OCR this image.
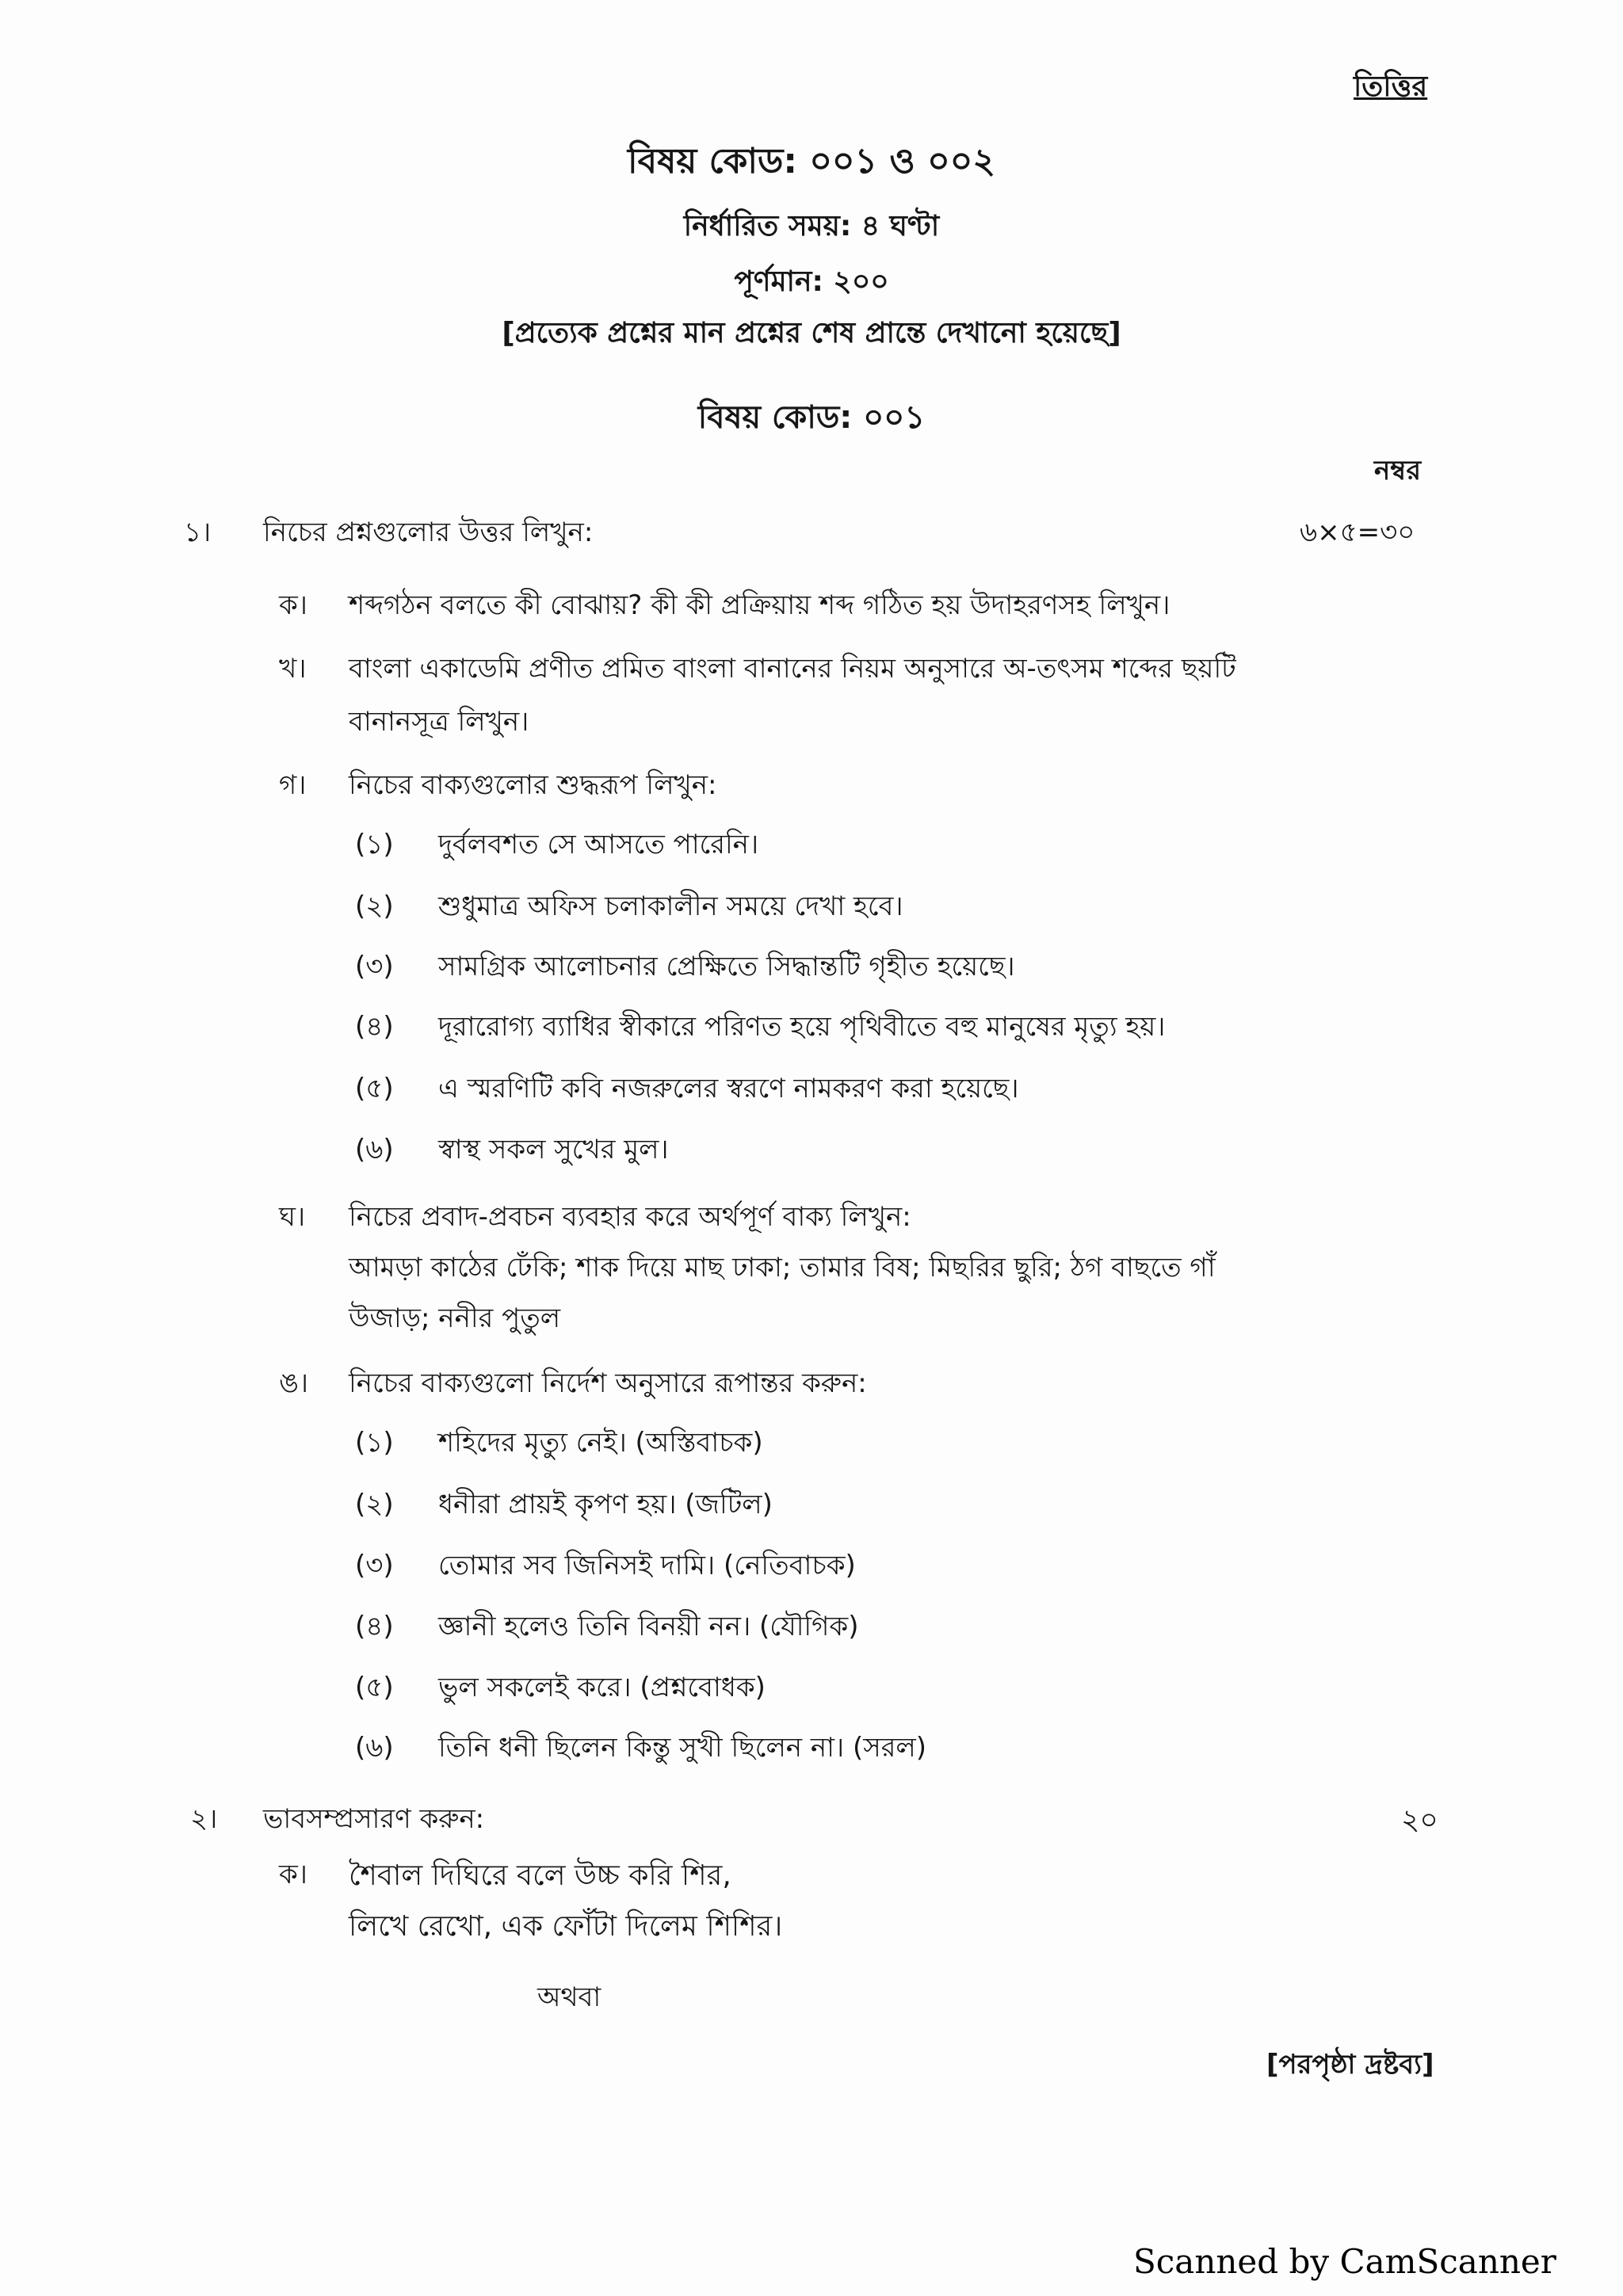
তিত্তির
বিষয় কোড: ০০১ ও ০০২
নির্ধারিত সময়: ৪ ঘণ্টা
পূর্ণমান: ২০০
[প্রত্যেক প্রশ্নের মান প্রশ্নের শেষ প্রান্তে দেখানো হয়েছে]
বিষয় কোড: ০০১
নম্বর
১। নিচের প্রশ্নগুলোর উত্তর লিখুন:	৬×৫=৩০
ক। শব্দগঠন বলতে কী বোঝায়? কী কী প্রক্রিয়ায় শব্দ গঠিত হয় উদাহরণসহ লিখুন।
খ। বাংলা একাডেমি প্রণীত প্রমিত বাংলা বানানের নিয়ম অনুসারে অ-তৎসম শব্দের ছয়টি
বানানসূত্র লিখুন।
গ। নিচের বাক্যগুলোর শুদ্ধরূপ লিখুন:
(১) দুর্বলবশত সে আসতে পারেনি।
(২) শুধুমাত্র অফিস চলাকালীন সময়ে দেখা হবে।
(৩) সামগ্রিক আলোচনার প্রেক্ষিতে সিদ্ধান্তটি গৃহীত হয়েছে।
(৪) দূরারোগ্য ব্যাধির স্বীকারে পরিণত হয়ে পৃথিবীতে বহু মানুষের মৃত্যু হয়।
(৫) এ স্মরণিটি কবি নজরুলের স্বরণে নামকরণ করা হয়েছে।
(৬) স্বাস্থ সকল সুখের মুল।
ঘ। নিচের প্রবাদ-প্রবচন ব্যবহার করে অর্থপূর্ণ বাক্য লিখুন:
আমড়া কাঠের ঢেঁকি; শাক দিয়ে মাছ ঢাকা; তামার বিষ; মিছরির ছুরি; ঠগ বাছতে গাঁ
উজাড়; ননীর পুতুল
ঙ। নিচের বাক্যগুলো নির্দেশ অনুসারে রূপান্তর করুন:
(১) শহিদের মৃত্যু নেই। (অস্তিবাচক)
(২) ধনীরা প্রায়ই কৃপণ হয়। (জটিল)
(৩) তোমার সব জিনিসই দামি। (নেতিবাচক)
(৪) জ্ঞানী হলেও তিনি বিনয়ী নন। (যৌগিক)
(৫) ভুল সকলেই করে। (প্রশ্নবোধক)
(৬) তিনি ধনী ছিলেন কিন্তু সুখী ছিলেন না। (সরল)
২। ভাবসম্প্রসারণ করুন:	২০
ক। শৈবাল দিঘিরে বলে উচ্চ করি শির,
লিখে রেখো, এক ফোঁটা দিলেম শিশির।
অথবা
[পরপৃষ্ঠা দ্রষ্টব্য]
Scanned by CamScanner
